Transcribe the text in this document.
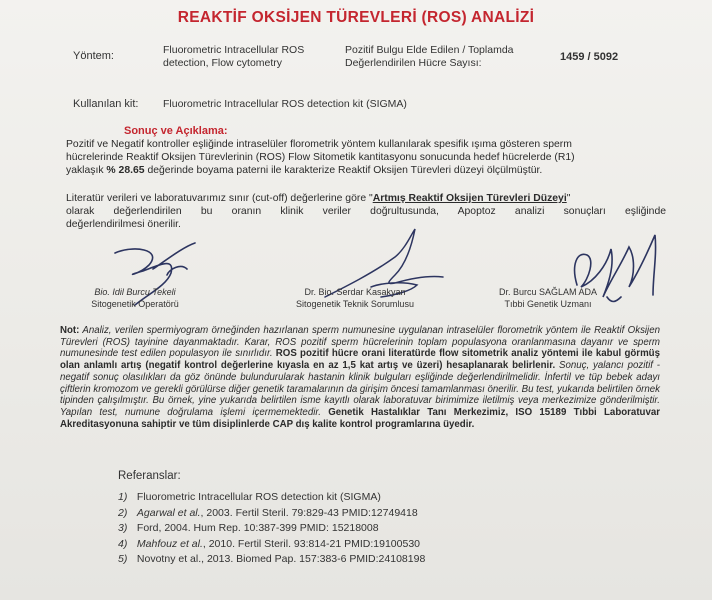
REAKTİF OKSİJEN TÜREVLERİ (ROS) ANALİZİ
Yöntem:	Fluorometric Intracellular ROS
detection, Flow cytometry
Pozitif Bulgu Elde Edilen / Toplamda
Değerlendirilen Hücre Sayısı:	1459 / 5092
Kullanılan kit: Fluorometric Intracellular ROS detection kit (SIGMA)
Sonuç ve Açıklama:
Pozitif ve Negatif kontroller eşliğinde intraselüler florometrik yöntem kullanılarak spesifik ışıma gösteren sperm
hücrelerinde Reaktif Oksijen Türevlerinin (ROS) Flow Sitometik kantitasyonu sonucunda hedef hücrelerde (R1)
yaklaşık % 28.65 değerinde boyama paterni ile karakterize Reaktif Oksijen Türevleri düzeyi ölçülmüştür.
Literatür verileri ve laboratuvarımız sınır (cut-off) değerlerine göre "Artmış Reaktif Oksijen Türevleri Düzeyi"
olarak değerlendirilen bu oranın klinik veriler doğrultusunda, Apoptoz analizi sonuçları eşliğinde
değerlendirilmesi önerilir.
Bio. Idil Burcu Tekeli
Sitogenetik Operatörü
Dr. Bio. Serdar Kasakyan
Sitogenetik Teknik Sorumlusu
Dr. Burcu SAĞLAM ADA
Tıbbi Genetik Uzmanı
Not: Analiz, verilen spermiyogram örneğinden hazırlanan sperm numunesine uygulanan intraselüler florometrik yöntem ile Reaktif Oksijen Türevleri (ROS) tayinine dayanmaktadır. Karar, ROS pozitif sperm hücrelerinin toplam populasyona oranlanmasına dayanır ve sperm numunesinde test edilen populasyon ile sınırlıdır. ROS pozitif hücre orani literatürde flow sitometrik analiz yöntemi ile kabul görmüş olan anlamlı artış (negatif kontrol değerlerine kıyasla en az 1,5 kat artış ve üzeri) hesaplanarak belirlenir. Sonuç, yalancı pozitif -negatif sonuç olasılıkları da göz önünde bulundurularak hastanin klinik bulguları eşliğinde değerlendirilmelidir. İnfertil ve tüp bebek adayı çiftlerin kromozom ve gerekli görülürse diğer genetik taramalarının da girişim öncesi tamamlanması önerilir. Bu test, yukarıda belirtilen örnek tipinden çalışılmıştır. Bu örnek, yine yukarıda belirtilen isme kayıtlı olarak laboratuvar birimimize iletilmiş veya merkezimize gönderilmiştir. Yapılan test, numune doğrulama işlemi içermemektedir. Genetik Hastalıklar Tanı Merkezimiz, ISO 15189 Tıbbi Laboratuvar Akreditasyonuna sahiptir ve tüm disiplinlerde CAP dış kalite kontrol programlarına üyedir.
Referanslar:
1) Fluorometric Intracellular ROS detection kit (SIGMA)
2) Agarwal et al., 2003. Fertil Steril. 79:829-43 PMID:12749418
3) Ford, 2004. Hum Rep. 10:387-399 PMID: 15218008
4) Mahfouz et al., 2010. Fertil Steril. 93:814-21 PMID:19100530
5) Novotny et al., 2013. Biomed Pap. 157:383-6 PMID:24108198
